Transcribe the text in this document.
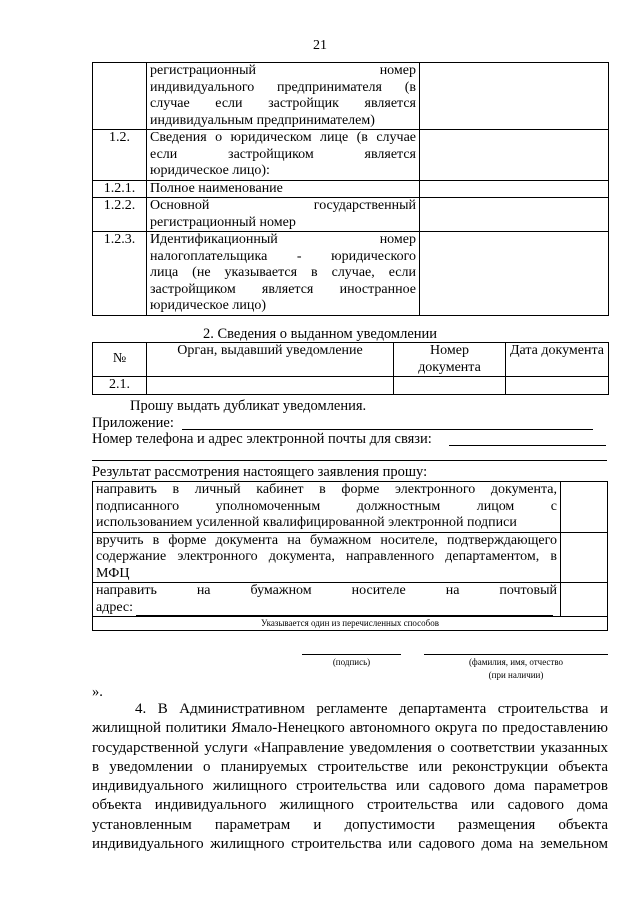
21

	регистрационный номер
индивидуального предпринимателя (в
случае если застройщик является
индивидуальным предпринимателем)	

1.2.	Сведения о юридическом лице (в случае
если застройщиком является
юридическое лицо):	

1.2.1.	Полное наименование	

1.2.2.	Основной государственный
регистрационный номер	

1.2.3.	Идентификационный номер
налогоплательщика - юридического
лица (не указывается в случае, если
застройщиком является иностранное
юридическое лицо)	

2. Сведения о выданном уведомлении
№	Орган, выдавший уведомление	Номер документа	Дата документа
2.1.			
Прошу выдать дубликат уведомления.
Приложение:
Номер телефона и адрес электронной почты для связи:
Результат рассмотрения настоящего заявления прошу:
направить в личный кабинет в форме электронного документа,
подписанного уполномоченным должностным лицом с
использованием усиленной квалифицированной электронной подписи	

вручить в форме документа на бумажном носителе, подтверждающего
содержание электронного документа, направленного департаментом, в
МФЦ	

направить на бумажном носителе на почтовый
адрес:	

Указывается один из перечисленных способов	
(подпись)	(фамилия, имя, отчество
(при наличии)
».
4. В Административном регламенте департамента строительства и
жилищной политики Ямало-Ненецкого автономного округа по предоставлению
государственной услуги «Направление уведомления о соответствии указанных
в уведомлении о планируемых строительстве или реконструкции объекта
индивидуального жилищного строительства или садового дома параметров
объекта индивидуального жилищного строительства или садового дома
установленным параметрам и допустимости размещения объекта
индивидуального жилищного строительства или садового дома на земельном
